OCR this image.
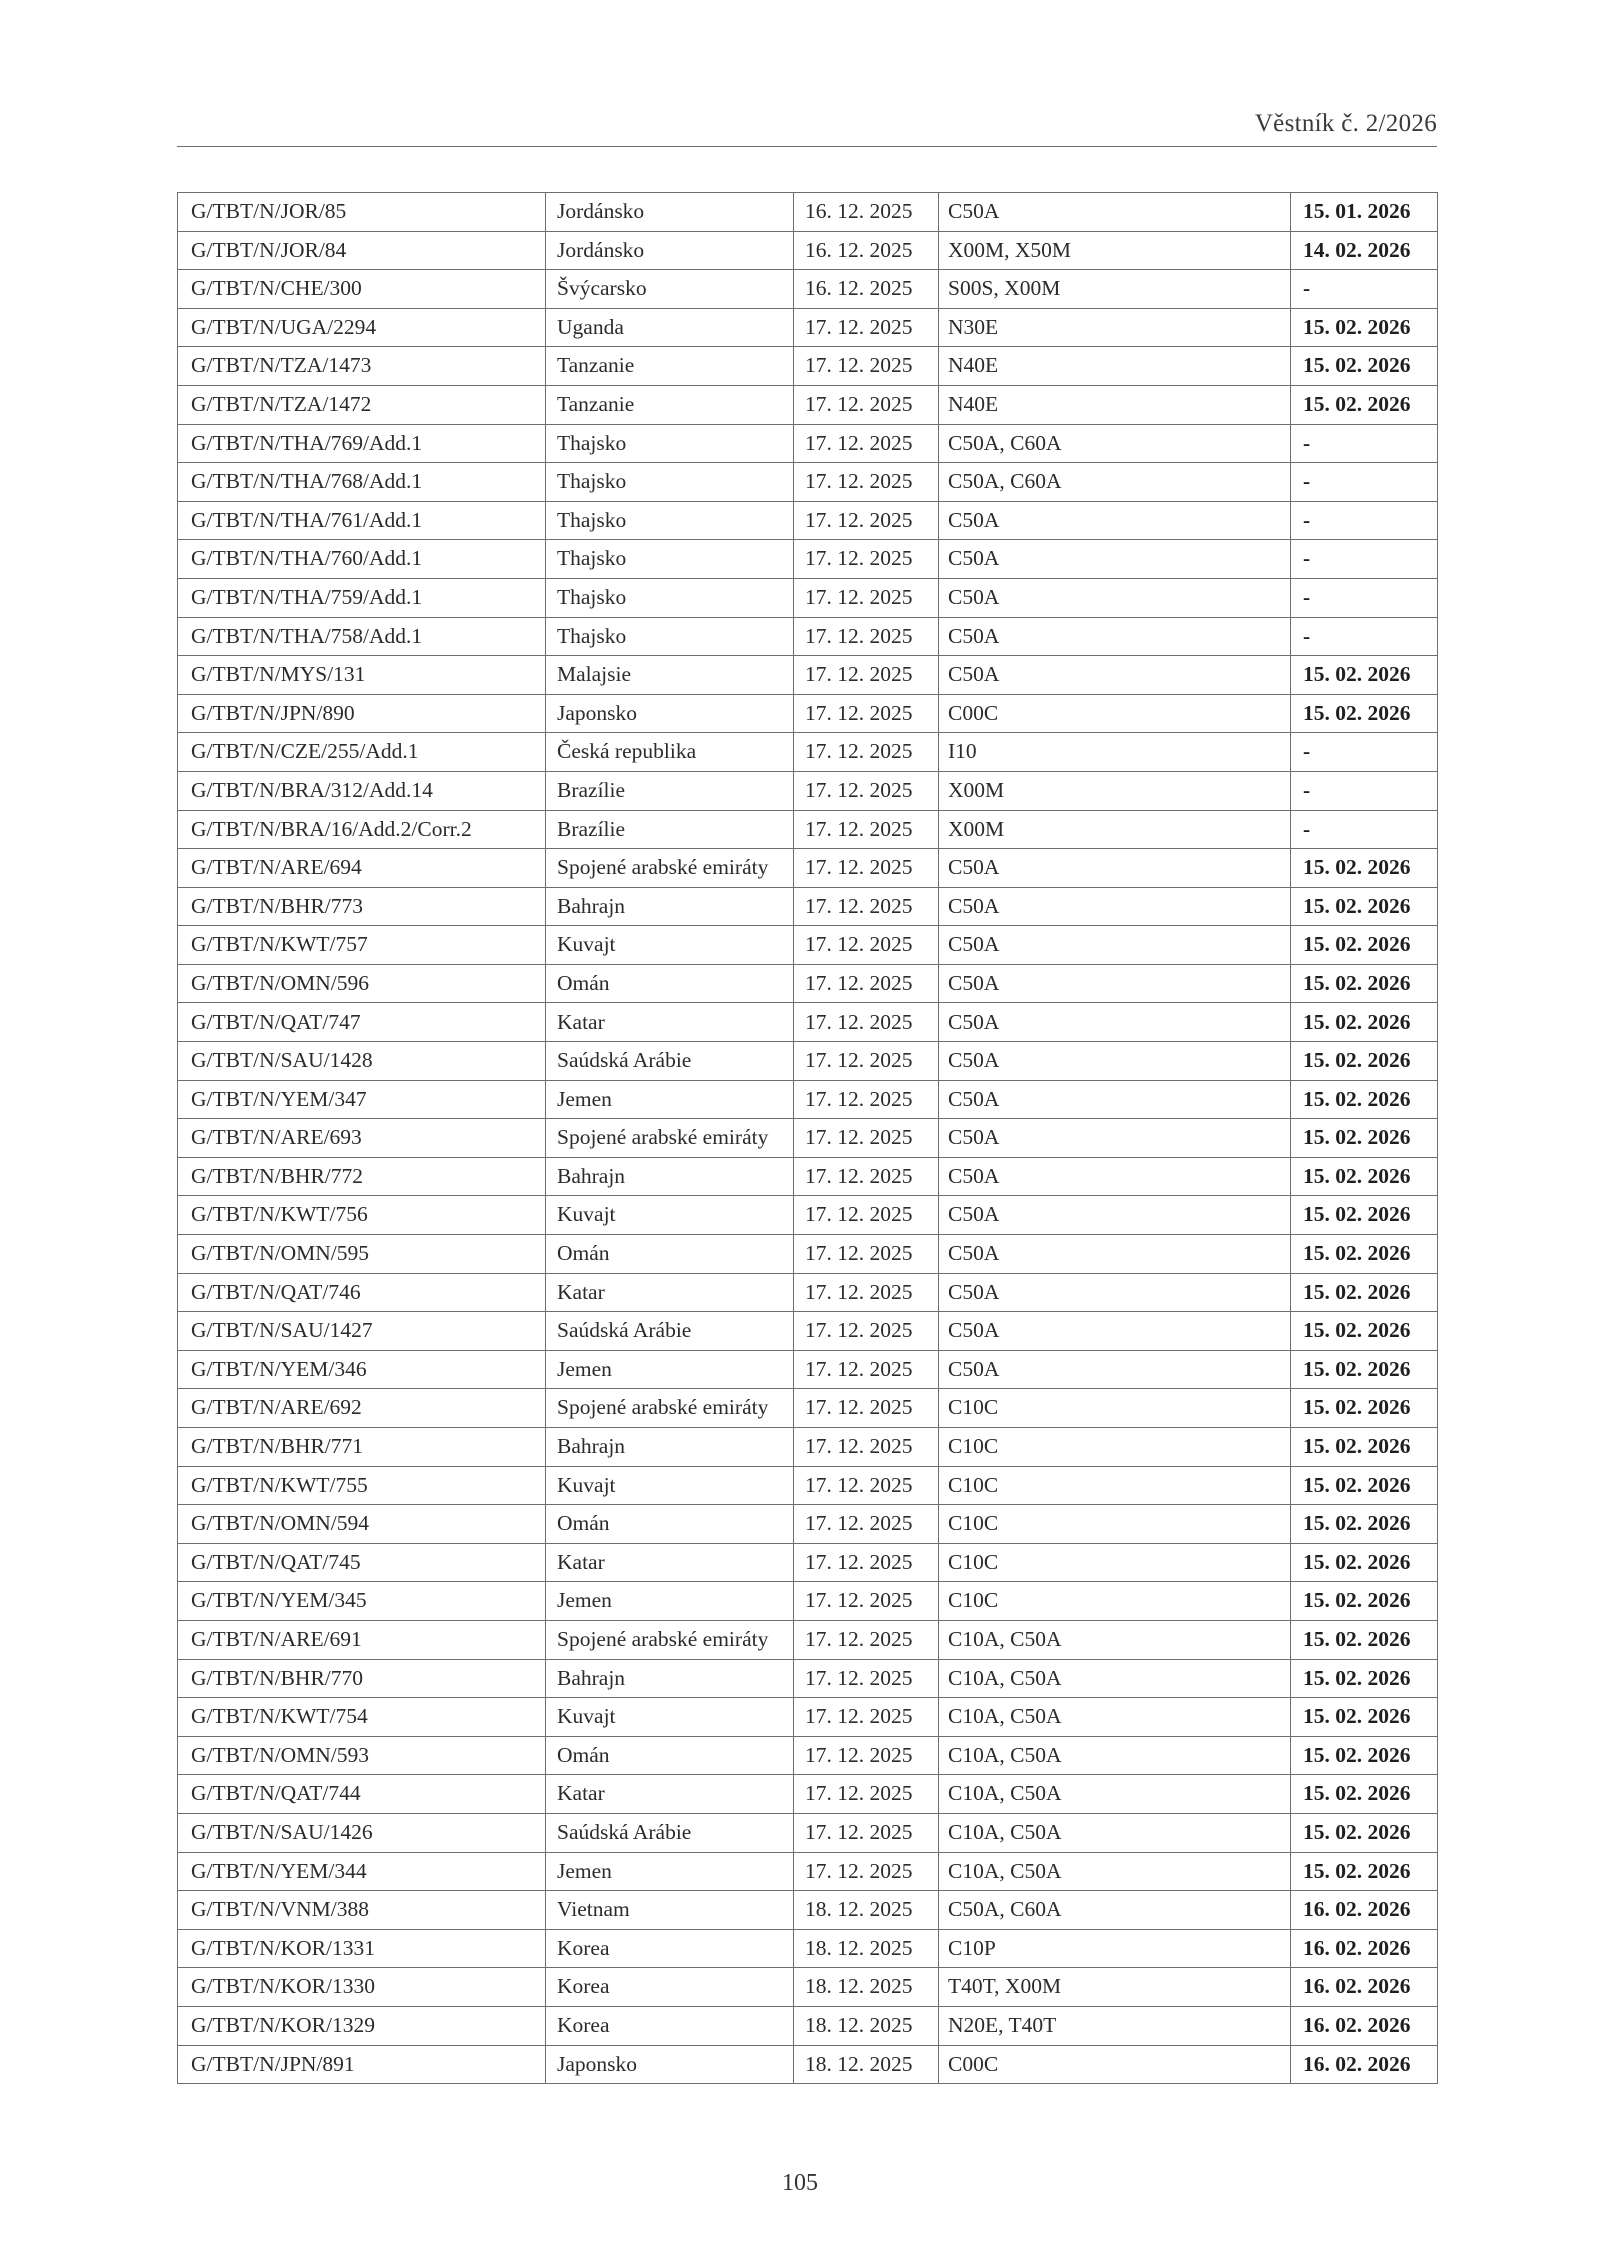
Věstník č. 2/2026
G/TBT/N/JOR/85	Jordánsko	16. 12. 2025	C50A	15. 01. 2026
G/TBT/N/JOR/84	Jordánsko	16. 12. 2025	X00M, X50M	14. 02. 2026
G/TBT/N/CHE/300	Švýcarsko	16. 12. 2025	S00S, X00M	-
G/TBT/N/UGA/2294	Uganda	17. 12. 2025	N30E	15. 02. 2026
G/TBT/N/TZA/1473	Tanzanie	17. 12. 2025	N40E	15. 02. 2026
G/TBT/N/TZA/1472	Tanzanie	17. 12. 2025	N40E	15. 02. 2026
G/TBT/N/THA/769/Add.1	Thajsko	17. 12. 2025	C50A, C60A	-
G/TBT/N/THA/768/Add.1	Thajsko	17. 12. 2025	C50A, C60A	-
G/TBT/N/THA/761/Add.1	Thajsko	17. 12. 2025	C50A	-
G/TBT/N/THA/760/Add.1	Thajsko	17. 12. 2025	C50A	-
G/TBT/N/THA/759/Add.1	Thajsko	17. 12. 2025	C50A	-
G/TBT/N/THA/758/Add.1	Thajsko	17. 12. 2025	C50A	-
G/TBT/N/MYS/131	Malajsie	17. 12. 2025	C50A	15. 02. 2026
G/TBT/N/JPN/890	Japonsko	17. 12. 2025	C00C	15. 02. 2026
G/TBT/N/CZE/255/Add.1	Česká republika	17. 12. 2025	I10	-
G/TBT/N/BRA/312/Add.14	Brazílie	17. 12. 2025	X00M	-
G/TBT/N/BRA/16/Add.2/Corr.2	Brazílie	17. 12. 2025	X00M	-
G/TBT/N/ARE/694	Spojené arabské emiráty	17. 12. 2025	C50A	15. 02. 2026
G/TBT/N/BHR/773	Bahrajn	17. 12. 2025	C50A	15. 02. 2026
G/TBT/N/KWT/757	Kuvajt	17. 12. 2025	C50A	15. 02. 2026
G/TBT/N/OMN/596	Omán	17. 12. 2025	C50A	15. 02. 2026
G/TBT/N/QAT/747	Katar	17. 12. 2025	C50A	15. 02. 2026
G/TBT/N/SAU/1428	Saúdská Arábie	17. 12. 2025	C50A	15. 02. 2026
G/TBT/N/YEM/347	Jemen	17. 12. 2025	C50A	15. 02. 2026
G/TBT/N/ARE/693	Spojené arabské emiráty	17. 12. 2025	C50A	15. 02. 2026
G/TBT/N/BHR/772	Bahrajn	17. 12. 2025	C50A	15. 02. 2026
G/TBT/N/KWT/756	Kuvajt	17. 12. 2025	C50A	15. 02. 2026
G/TBT/N/OMN/595	Omán	17. 12. 2025	C50A	15. 02. 2026
G/TBT/N/QAT/746	Katar	17. 12. 2025	C50A	15. 02. 2026
G/TBT/N/SAU/1427	Saúdská Arábie	17. 12. 2025	C50A	15. 02. 2026
G/TBT/N/YEM/346	Jemen	17. 12. 2025	C50A	15. 02. 2026
G/TBT/N/ARE/692	Spojené arabské emiráty	17. 12. 2025	C10C	15. 02. 2026
G/TBT/N/BHR/771	Bahrajn	17. 12. 2025	C10C	15. 02. 2026
G/TBT/N/KWT/755	Kuvajt	17. 12. 2025	C10C	15. 02. 2026
G/TBT/N/OMN/594	Omán	17. 12. 2025	C10C	15. 02. 2026
G/TBT/N/QAT/745	Katar	17. 12. 2025	C10C	15. 02. 2026
G/TBT/N/YEM/345	Jemen	17. 12. 2025	C10C	15. 02. 2026
G/TBT/N/ARE/691	Spojené arabské emiráty	17. 12. 2025	C10A, C50A	15. 02. 2026
G/TBT/N/BHR/770	Bahrajn	17. 12. 2025	C10A, C50A	15. 02. 2026
G/TBT/N/KWT/754	Kuvajt	17. 12. 2025	C10A, C50A	15. 02. 2026
G/TBT/N/OMN/593	Omán	17. 12. 2025	C10A, C50A	15. 02. 2026
G/TBT/N/QAT/744	Katar	17. 12. 2025	C10A, C50A	15. 02. 2026
G/TBT/N/SAU/1426	Saúdská Arábie	17. 12. 2025	C10A, C50A	15. 02. 2026
G/TBT/N/YEM/344	Jemen	17. 12. 2025	C10A, C50A	15. 02. 2026
G/TBT/N/VNM/388	Vietnam	18. 12. 2025	C50A, C60A	16. 02. 2026
G/TBT/N/KOR/1331	Korea	18. 12. 2025	C10P	16. 02. 2026
G/TBT/N/KOR/1330	Korea	18. 12. 2025	T40T, X00M	16. 02. 2026
G/TBT/N/KOR/1329	Korea	18. 12. 2025	N20E, T40T	16. 02. 2026
G/TBT/N/JPN/891	Japonsko	18. 12. 2025	C00C	16. 02. 2026
105
